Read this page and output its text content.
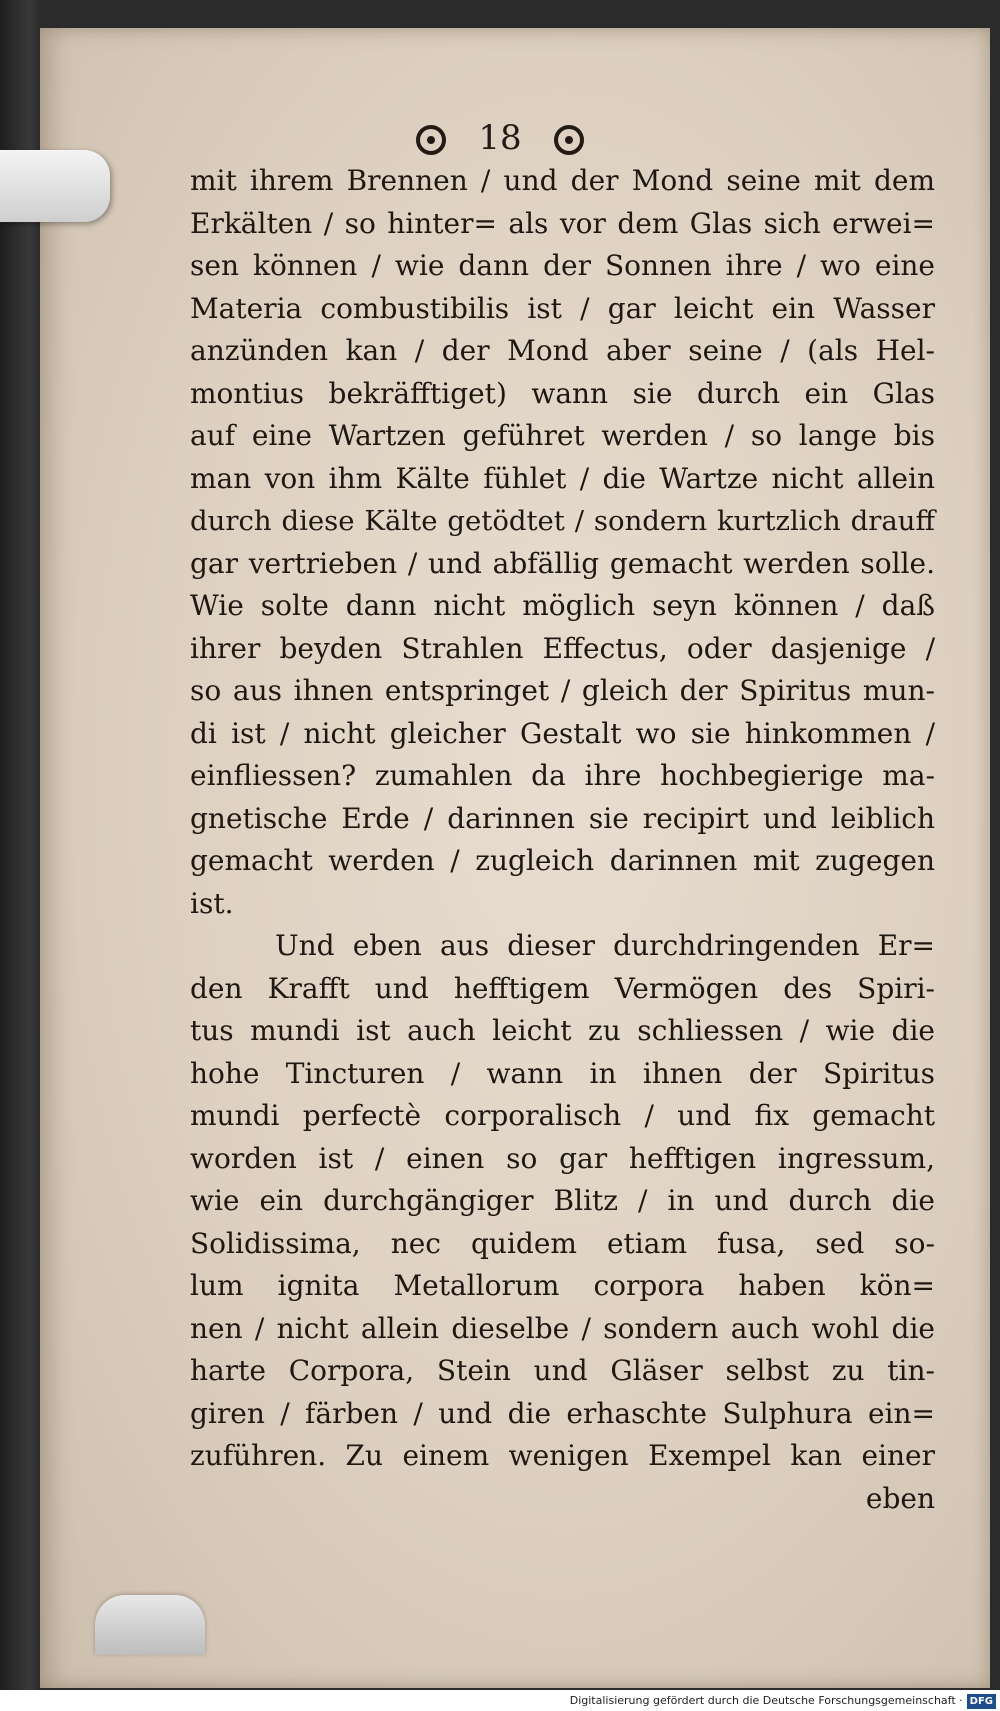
18
mit ihrem Brennen / und der Mond seine mit dem
Erkälten / so hinter= als vor dem Glas sich erwei=
sen können / wie dann der Sonnen ihre / wo eine
Materia combustibilis ist / gar leicht ein Wasser
anzünden kan / der Mond aber seine / (als Hel-
montius bekräfftiget) wann sie durch ein Glas
auf eine Wartzen geführet werden / so lange bis
man von ihm Kälte fühlet / die Wartze nicht allein
durch diese Kälte getödtet / sondern kurtzlich drauff
gar vertrieben / und abfällig gemacht werden solle.
Wie solte dann nicht möglich seyn können / daß
ihrer beyden Strahlen Effectus, oder dasjenige /
so aus ihnen entspringet / gleich der Spiritus mun-
di ist / nicht gleicher Gestalt wo sie hinkommen /
einfliessen? zumahlen da ihre hochbegierige ma-
gnetische Erde / darinnen sie recipirt und leiblich
gemacht werden / zugleich darinnen mit zugegen
ist.
Und eben aus dieser durchdringenden Er=
den Krafft und hefftigem Vermögen des Spiri-
tus mundi ist auch leicht zu schliessen / wie die
hohe Tincturen / wann in ihnen der Spiritus
mundi perfectè corporalisch / und fix gemacht
worden ist / einen so gar hefftigen ingressum,
wie ein durchgängiger Blitz / in und durch die
Solidissima, nec quidem etiam fusa, sed so-
lum ignita Metallorum corpora haben kön=
nen / nicht allein dieselbe / sondern auch wohl die
harte Corpora, Stein und Gläser selbst zu tin-
giren / färben / und die erhaschte Sulphura ein=
zuführen. Zu einem wenigen Exempel kan einer
eben
Digitalisierung gefördert durch die Deutsche Forschungsgemeinschaft · DFG
